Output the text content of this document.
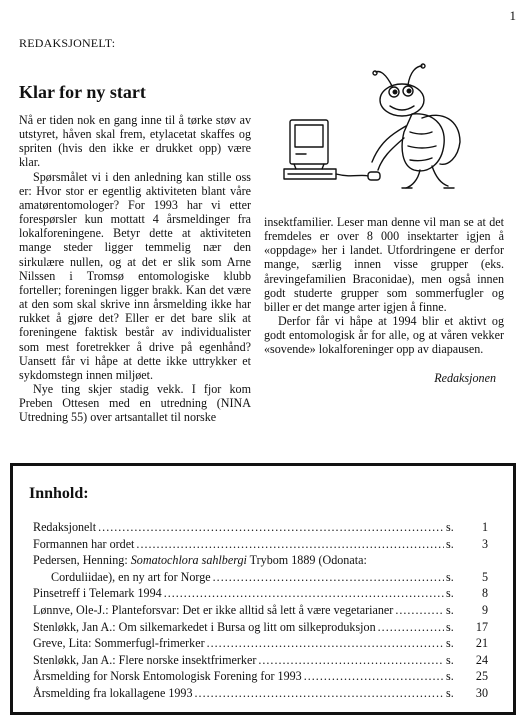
1
REDAKSJONELT:
Klar for ny start

Nå er tiden nok en gang inne til å tørke støv av utstyret, håven skal frem, etylacetat skaffes og spriten (hvis den ikke er drukket opp) være klar.

Spørsmålet vi i den anledning kan stille oss er: Hvor stor er egentlig aktiviteten blant våre amatørentomologer? For 1993 har vi etter forespørsler kun mottatt 4 årsmeldinger fra lokalforeningene. Betyr dette at aktiviteten mange steder ligger temmelig nær den sirkulære nullen, og at det er slik som Arne Nilssen i Tromsø entomologiske klubb forteller; foreningen ligger brakk. Kan det være at den som skal skrive inn årsmelding ikke har rukket å gjøre det? Eller er det bare slik at foreningene faktisk består av individualister som mest foretrekker å drive på egenhånd? Uansett får vi håpe at dette ikke uttrykker et sykdomstegn innen miljøet.

Nye ting skjer stadig vekk. I fjor kom Preben Ottesen med en utredning (NINA Utredning 55) over artsantallet til norske

insektfamilier. Leser man denne vil man se at det fremdeles er over 8 000 insektarter igjen å «oppdage» her i landet. Utfordringene er derfor mange, særlig innen visse grupper (eks. årevingefamilien Braconidae), men også innen godt studerte grupper som sommerfugler og biller er det mange arter igjen å finne.

Derfor får vi håpe at 1994 blir et aktivt og godt entomologisk år for alle, og at våren vekker «sovende» lokalforeninger opp av diapausen.

Redaksjonen
Innhold:
Redaksjonelt .....	s.	1
Formannen har ordet .....	s.	3
Pedersen, Henning: Somatochlora sahlbergi Trybom 1889 (Odonata:
Corduliidae), en ny art for Norge .....	s.	5
Pinsetreff i Telemark 1994 .....	s.	8
Lønnve, Ole-J.: Planteforsvar: Det er ikke alltid så lett å være vegetarianer .....	s.	9
Stenløkk, Jan A.: Om silkemarkedet i Bursa og litt om silkeproduksjon .....	s.	17
Greve, Lita: Sommerfugl-frimerker .....	s.	21
Stenløkk, Jan A.: Flere norske insektfrimerker .....	s.	24
Årsmelding for Norsk Entomologisk Forening for 1993 .....	s.	25
Årsmelding fra lokallagene 1993 .....	s.	30
